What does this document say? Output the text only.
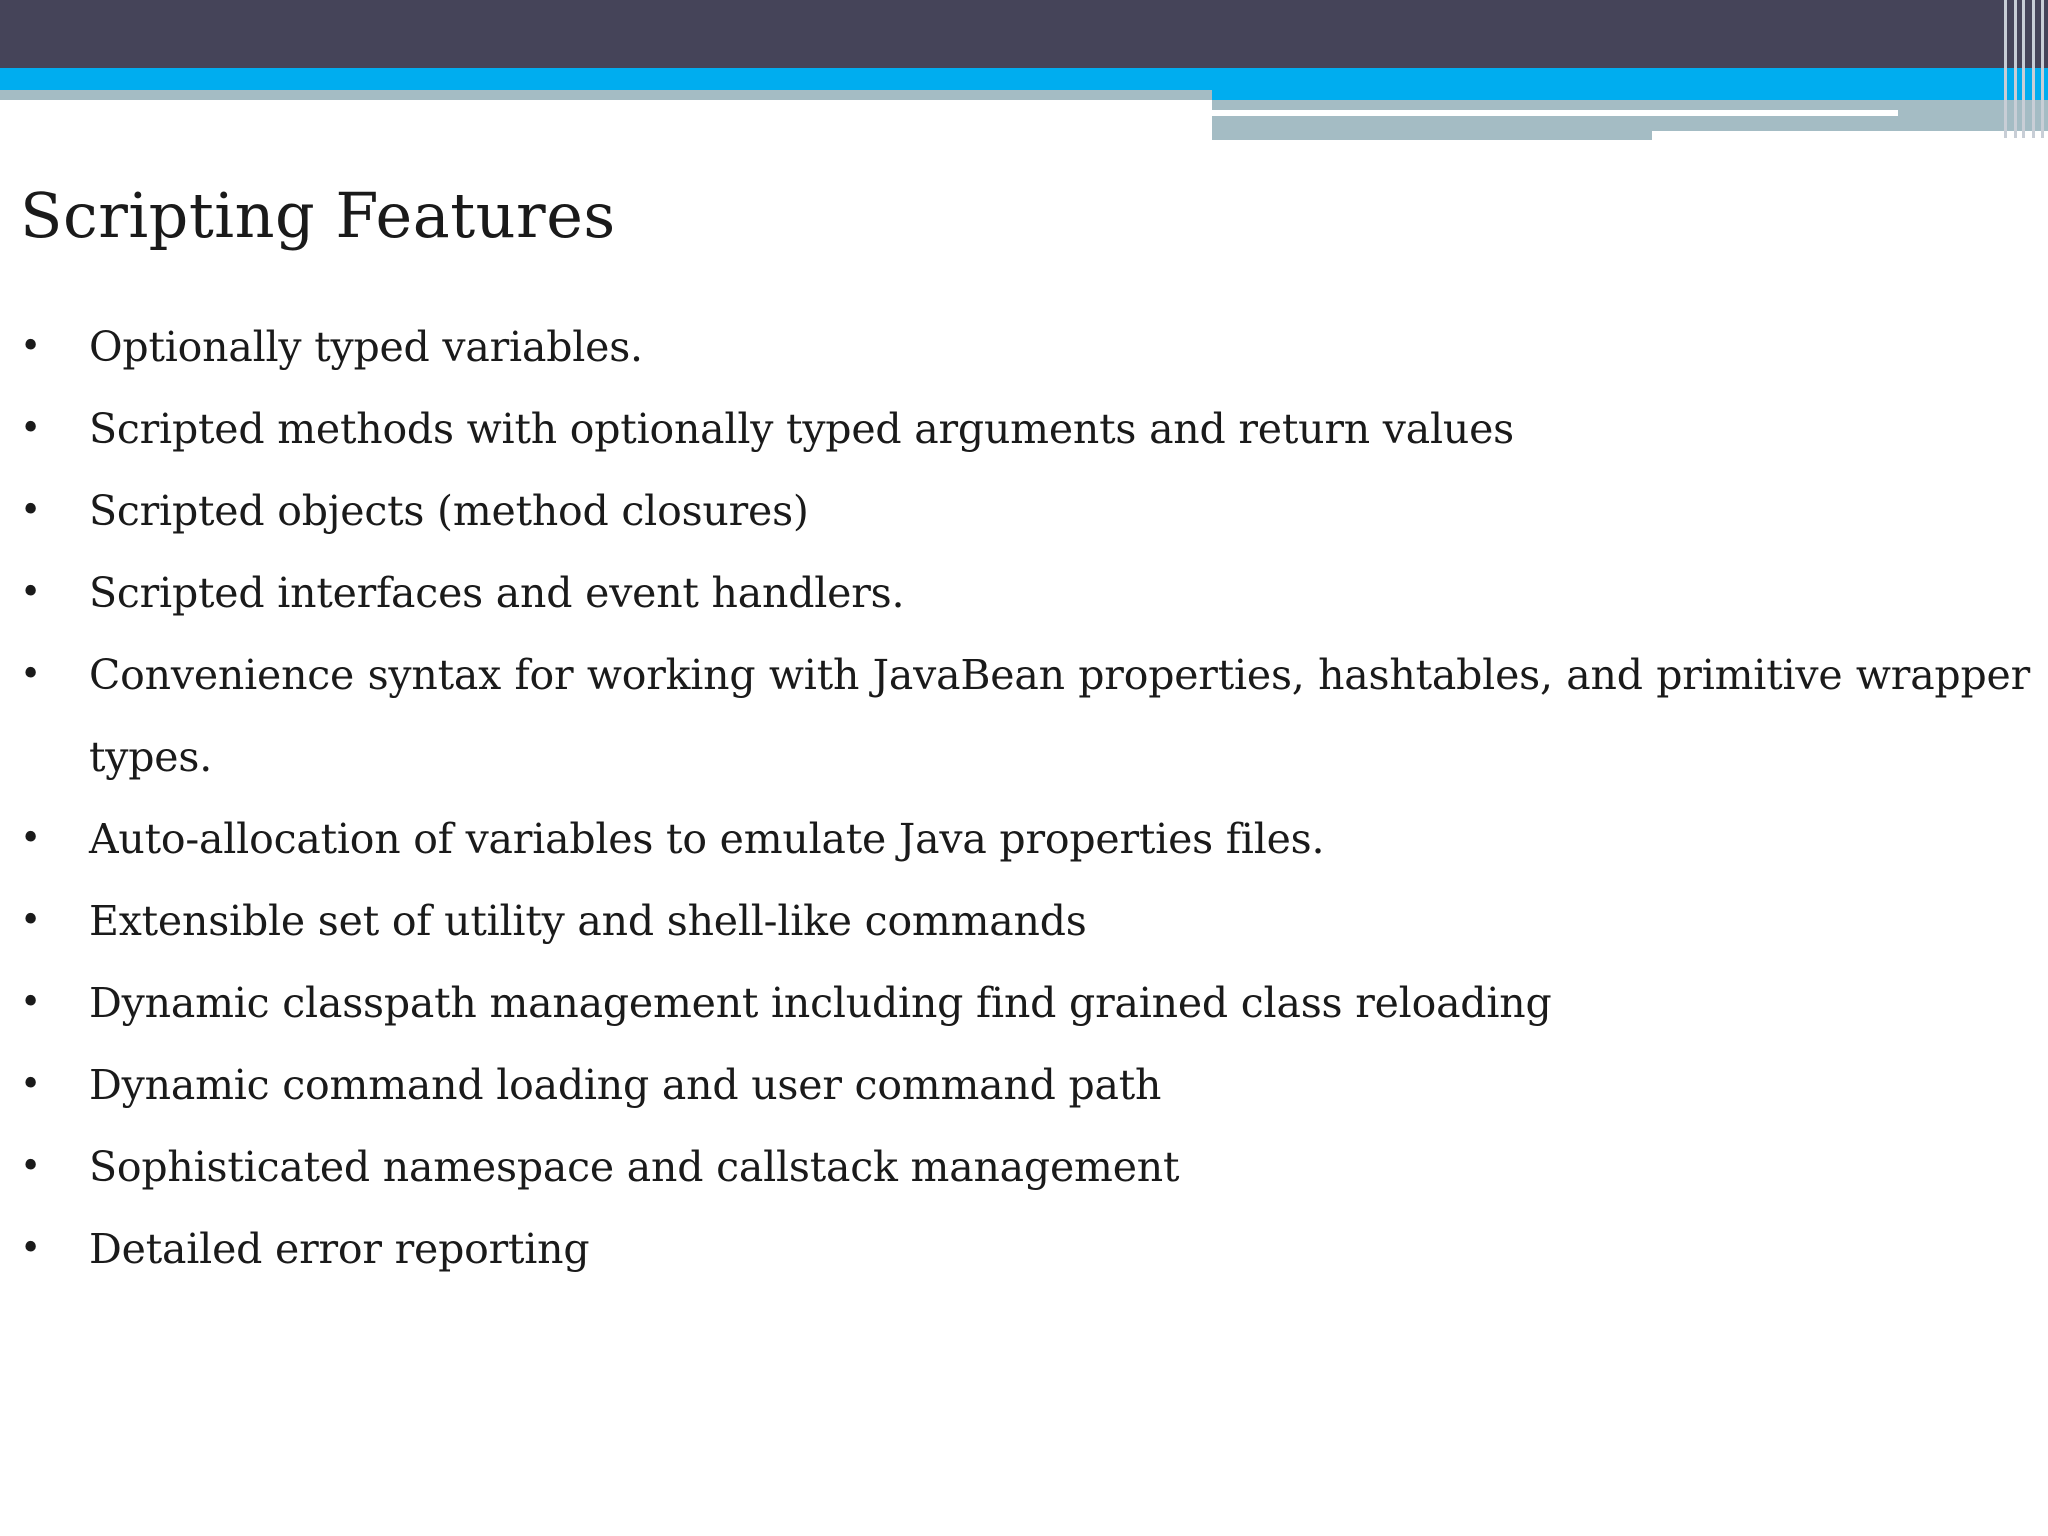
Scripting Features
•	Optionally typed variables.
•	Scripted methods with optionally typed arguments and return values
•	Scripted objects (method closures)
•	Scripted interfaces and event handlers.
•	Convenience syntax for working with JavaBean properties, hashtables, and primitive wrapper types.
•	Auto-allocation of variables to emulate Java properties files.
•	Extensible set of utility and shell-like commands
•	Dynamic classpath management including find grained class reloading
•	Dynamic command loading and user command path
•	Sophisticated namespace and callstack management
•	Detailed error reporting
